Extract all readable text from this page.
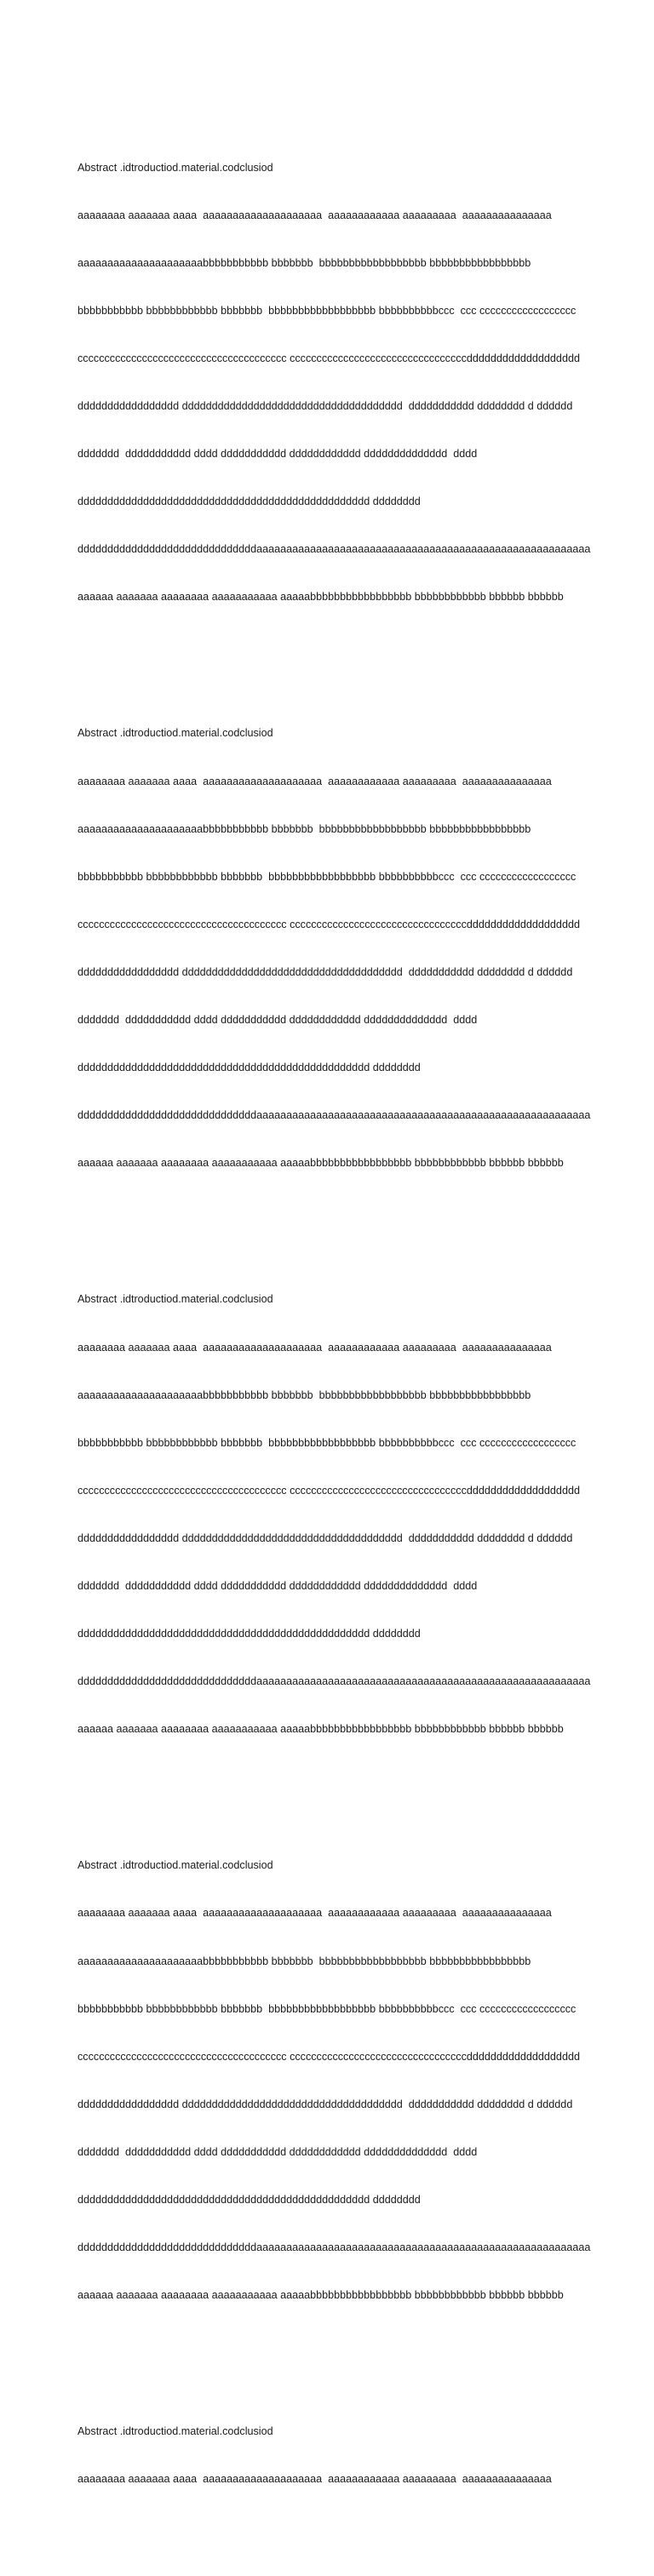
Abstract .idtroductiod.material.codclusiod

aaaaaaaa aaaaaaa aaaa  aaaaaaaaaaaaaaaaaaaa  aaaaaaaaaaaa aaaaaaaaa  aaaaaaaaaaaaaaa

aaaaaaaaaaaaaaaaaaaaabbbbbbbbbbb bbbbbbb  bbbbbbbbbbbbbbbbbb bbbbbbbbbbbbbbbbb

bbbbbbbbbbb bbbbbbbbbbbb bbbbbbb  bbbbbbbbbbbbbbbbbb bbbbbbbbbbccc  ccc cccccccccccccccccc

ccccccccccccccccccccccccccccccccccccccc cccccccccccccccccccccccccccccccccddddddddddddddddddd

ddddddddddddddddd ddddddddddddddddddddddddddddddddddddd  ddddddddddd dddddddd d dddddd

ddddddd  ddddddddddd dddd ddddddddddd dddddddddddd dddddddddddddd  dddd

ddddddddddddddddddddddddddddddddddddddddddddddddd dddddddd

ddddddddddddddddddddddddddddddaaaaaaaaaaaaaaaaaaaaaaaaaaaaaaaaaaaaaaaaaaaaaaaaaaaaaaaa

aaaaaa aaaaaaa aaaaaaaa aaaaaaaaaaa aaaaabbbbbbbbbbbbbbbbb bbbbbbbbbbbb bbbbbb bbbbbb

Abstract .idtroductiod.material.codclusiod

aaaaaaaa aaaaaaa aaaa  aaaaaaaaaaaaaaaaaaaa  aaaaaaaaaaaa aaaaaaaaa  aaaaaaaaaaaaaaa

aaaaaaaaaaaaaaaaaaaaabbbbbbbbbbb bbbbbbb  bbbbbbbbbbbbbbbbbb bbbbbbbbbbbbbbbbb

bbbbbbbbbbb bbbbbbbbbbbb bbbbbbb  bbbbbbbbbbbbbbbbbb bbbbbbbbbbccc  ccc cccccccccccccccccc

ccccccccccccccccccccccccccccccccccccccc cccccccccccccccccccccccccccccccccddddddddddddddddddd

ddddddddddddddddd ddddddddddddddddddddddddddddddddddddd  ddddddddddd dddddddd d dddddd

ddddddd  ddddddddddd dddd ddddddddddd dddddddddddd dddddddddddddd  dddd

ddddddddddddddddddddddddddddddddddddddddddddddddd dddddddd

ddddddddddddddddddddddddddddddaaaaaaaaaaaaaaaaaaaaaaaaaaaaaaaaaaaaaaaaaaaaaaaaaaaaaaaa

aaaaaa aaaaaaa aaaaaaaa aaaaaaaaaaa aaaaabbbbbbbbbbbbbbbbb bbbbbbbbbbbb bbbbbb bbbbbb

Abstract .idtroductiod.material.codclusiod

aaaaaaaa aaaaaaa aaaa  aaaaaaaaaaaaaaaaaaaa  aaaaaaaaaaaa aaaaaaaaa  aaaaaaaaaaaaaaa

aaaaaaaaaaaaaaaaaaaaabbbbbbbbbbb bbbbbbb  bbbbbbbbbbbbbbbbbb bbbbbbbbbbbbbbbbb

bbbbbbbbbbb bbbbbbbbbbbb bbbbbbb  bbbbbbbbbbbbbbbbbb bbbbbbbbbbccc  ccc cccccccccccccccccc

ccccccccccccccccccccccccccccccccccccccc cccccccccccccccccccccccccccccccccddddddddddddddddddd

ddddddddddddddddd ddddddddddddddddddddddddddddddddddddd  ddddddddddd dddddddd d dddddd

ddddddd  ddddddddddd dddd ddddddddddd dddddddddddd dddddddddddddd  dddd

ddddddddddddddddddddddddddddddddddddddddddddddddd dddddddd

ddddddddddddddddddddddddddddddaaaaaaaaaaaaaaaaaaaaaaaaaaaaaaaaaaaaaaaaaaaaaaaaaaaaaaaa

aaaaaa aaaaaaa aaaaaaaa aaaaaaaaaaa aaaaabbbbbbbbbbbbbbbbb bbbbbbbbbbbb bbbbbb bbbbbb

Abstract .idtroductiod.material.codclusiod

aaaaaaaa aaaaaaa aaaa  aaaaaaaaaaaaaaaaaaaa  aaaaaaaaaaaa aaaaaaaaa  aaaaaaaaaaaaaaa

aaaaaaaaaaaaaaaaaaaaabbbbbbbbbbb bbbbbbb  bbbbbbbbbbbbbbbbbb bbbbbbbbbbbbbbbbb

bbbbbbbbbbb bbbbbbbbbbbb bbbbbbb  bbbbbbbbbbbbbbbbbb bbbbbbbbbbccc  ccc cccccccccccccccccc

ccccccccccccccccccccccccccccccccccccccc cccccccccccccccccccccccccccccccccddddddddddddddddddd

ddddddddddddddddd ddddddddddddddddddddddddddddddddddddd  ddddddddddd dddddddd d dddddd

ddddddd  ddddddddddd dddd ddddddddddd dddddddddddd dddddddddddddd  dddd

ddddddddddddddddddddddddddddddddddddddddddddddddd dddddddd

ddddddddddddddddddddddddddddddaaaaaaaaaaaaaaaaaaaaaaaaaaaaaaaaaaaaaaaaaaaaaaaaaaaaaaaa

aaaaaa aaaaaaa aaaaaaaa aaaaaaaaaaa aaaaabbbbbbbbbbbbbbbbb bbbbbbbbbbbb bbbbbb bbbbbb

Abstract .idtroductiod.material.codclusiod

aaaaaaaa aaaaaaa aaaa  aaaaaaaaaaaaaaaaaaaa  aaaaaaaaaaaa aaaaaaaaa  aaaaaaaaaaaaaaa
